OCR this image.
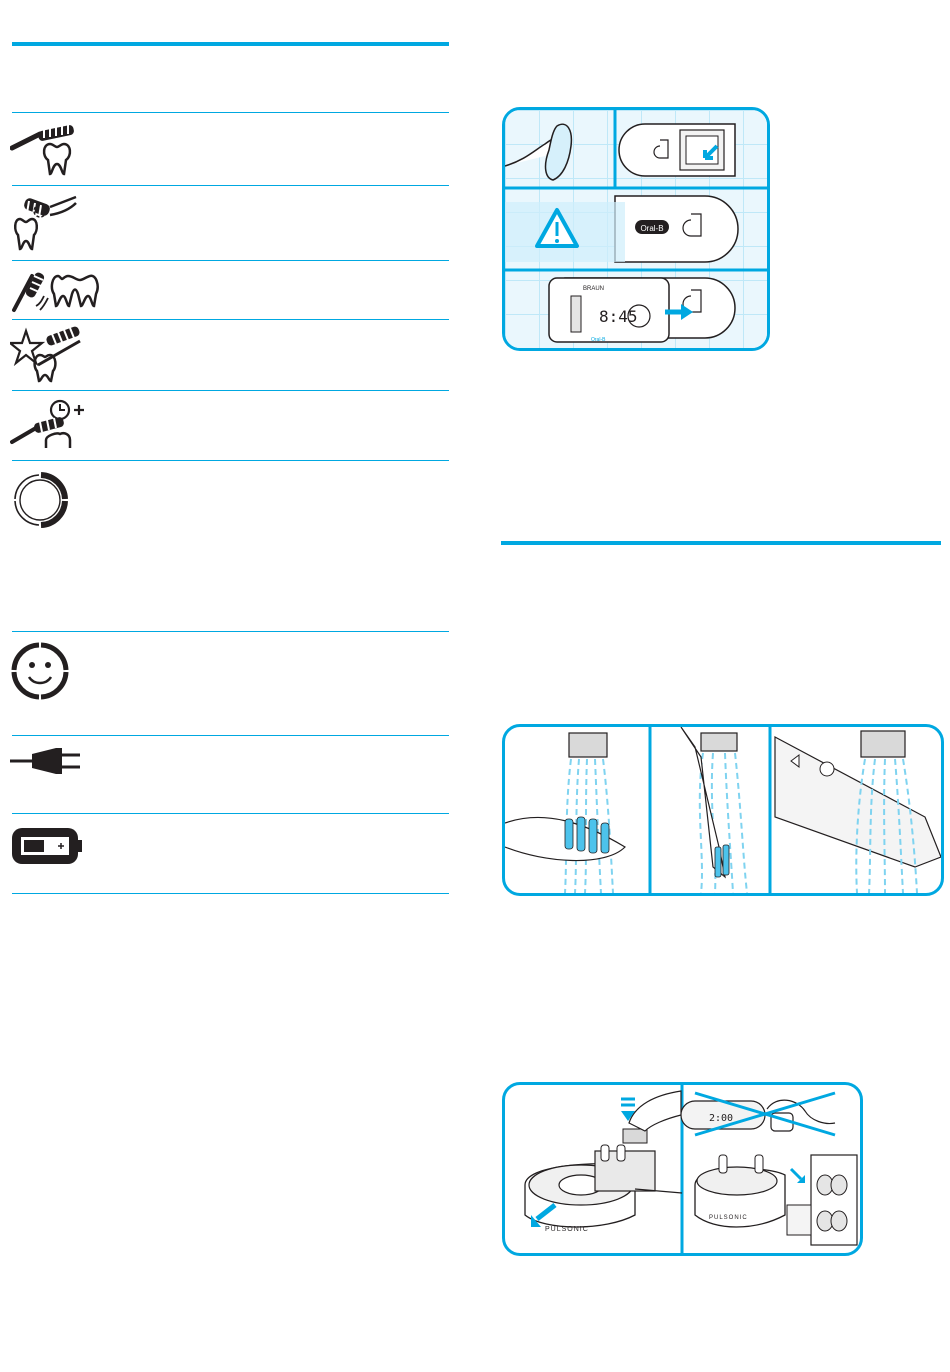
Oral-B
8:45
BRAUN
Oral-B
PULSONIC
2:00
PULSONIC
